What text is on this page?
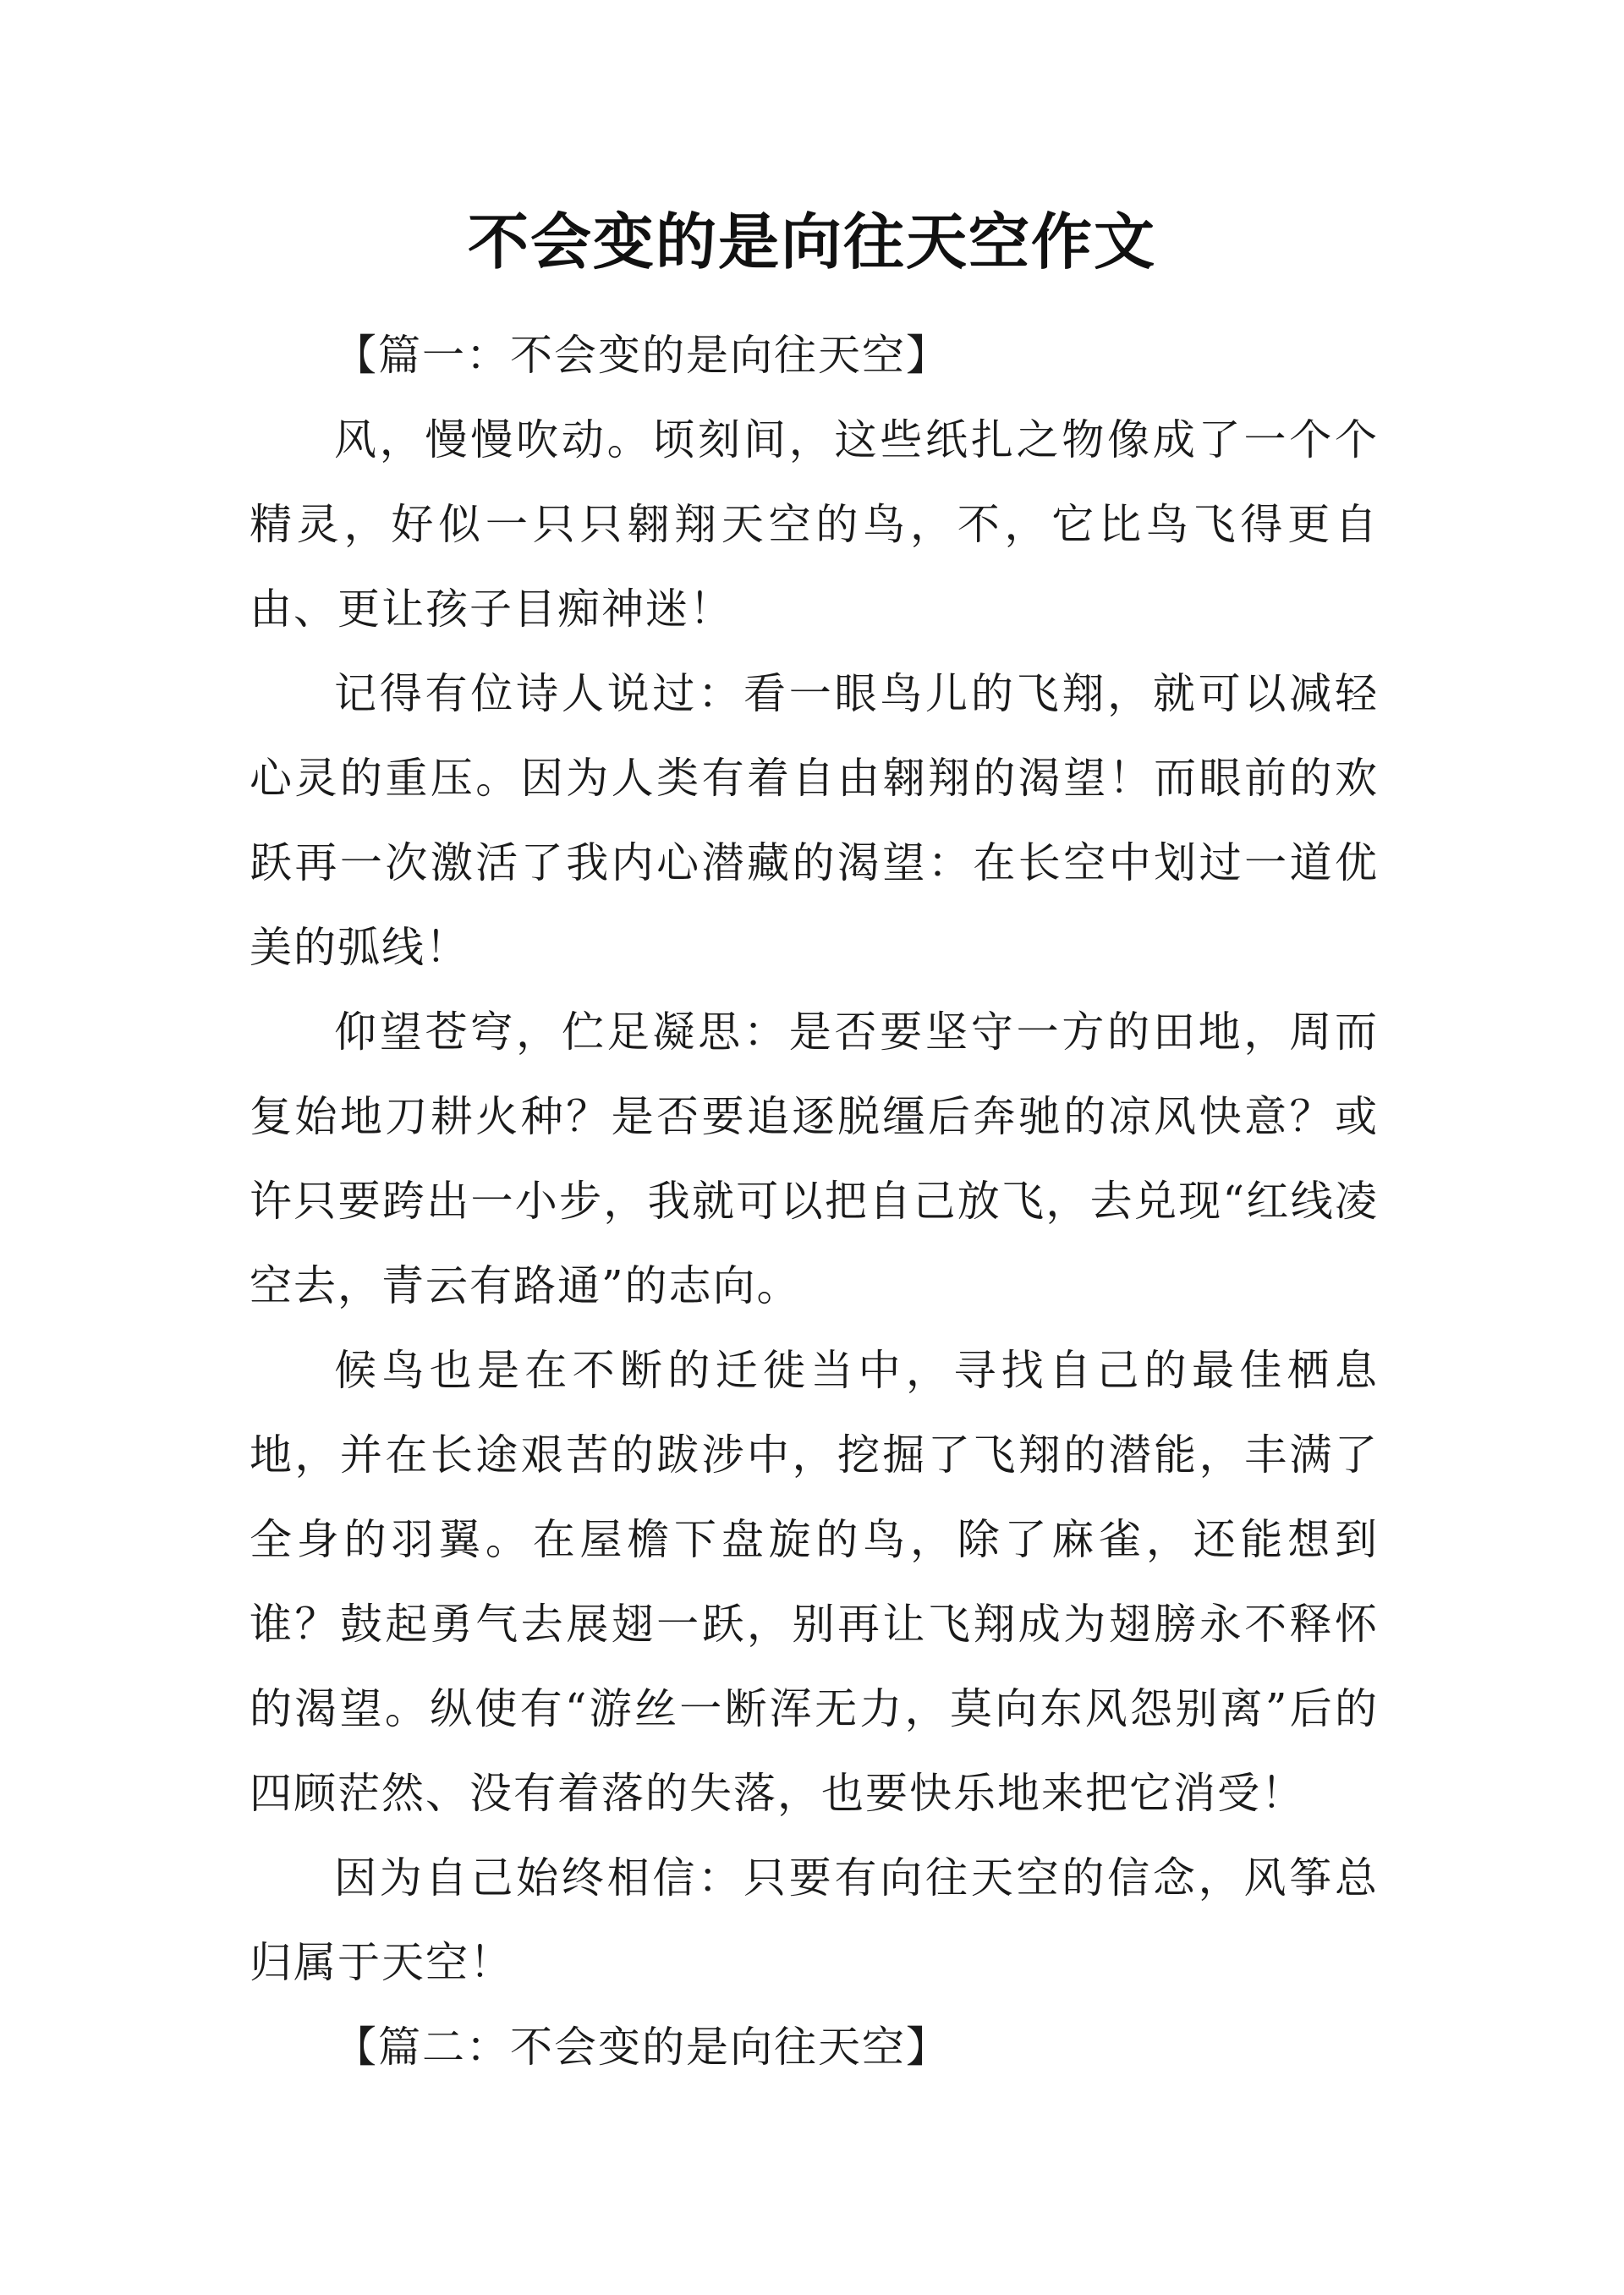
不会变的是向往天空作文

【篇一：不会变的是向往天空】

风，慢慢吹动。顷刻间，这些纸扎之物像成了一个个精灵，好似一只只翱翔天空的鸟，不，它比鸟飞得更自由、更让孩子目痴神迷！

记得有位诗人说过：看一眼鸟儿的飞翔，就可以减轻心灵的重压。因为人类有着自由翱翔的渴望！而眼前的欢跃再一次激活了我内心潜藏的渴望：在长空中划过一道优美的弧线！

仰望苍穹，伫足凝思：是否要坚守一方的田地，周而复始地刀耕火种？是否要追逐脱缰后奔驰的凉风快意？或许只要跨出一小步，我就可以把自己放飞，去兑现“红线凌空去，青云有路通”的志向。

候鸟也是在不断的迁徙当中，寻找自己的最佳栖息地，并在长途艰苦的跋涉中，挖掘了飞翔的潜能，丰满了全身的羽翼。在屋檐下盘旋的鸟，除了麻雀，还能想到谁？鼓起勇气去展翅一跃，别再让飞翔成为翅膀永不释怀的渴望。纵使有“游丝一断浑无力，莫向东风怨别离”后的四顾茫然、没有着落的失落，也要快乐地来把它消受！

因为自己始终相信：只要有向往天空的信念，风筝总归属于天空！

【篇二：不会变的是向往天空】
